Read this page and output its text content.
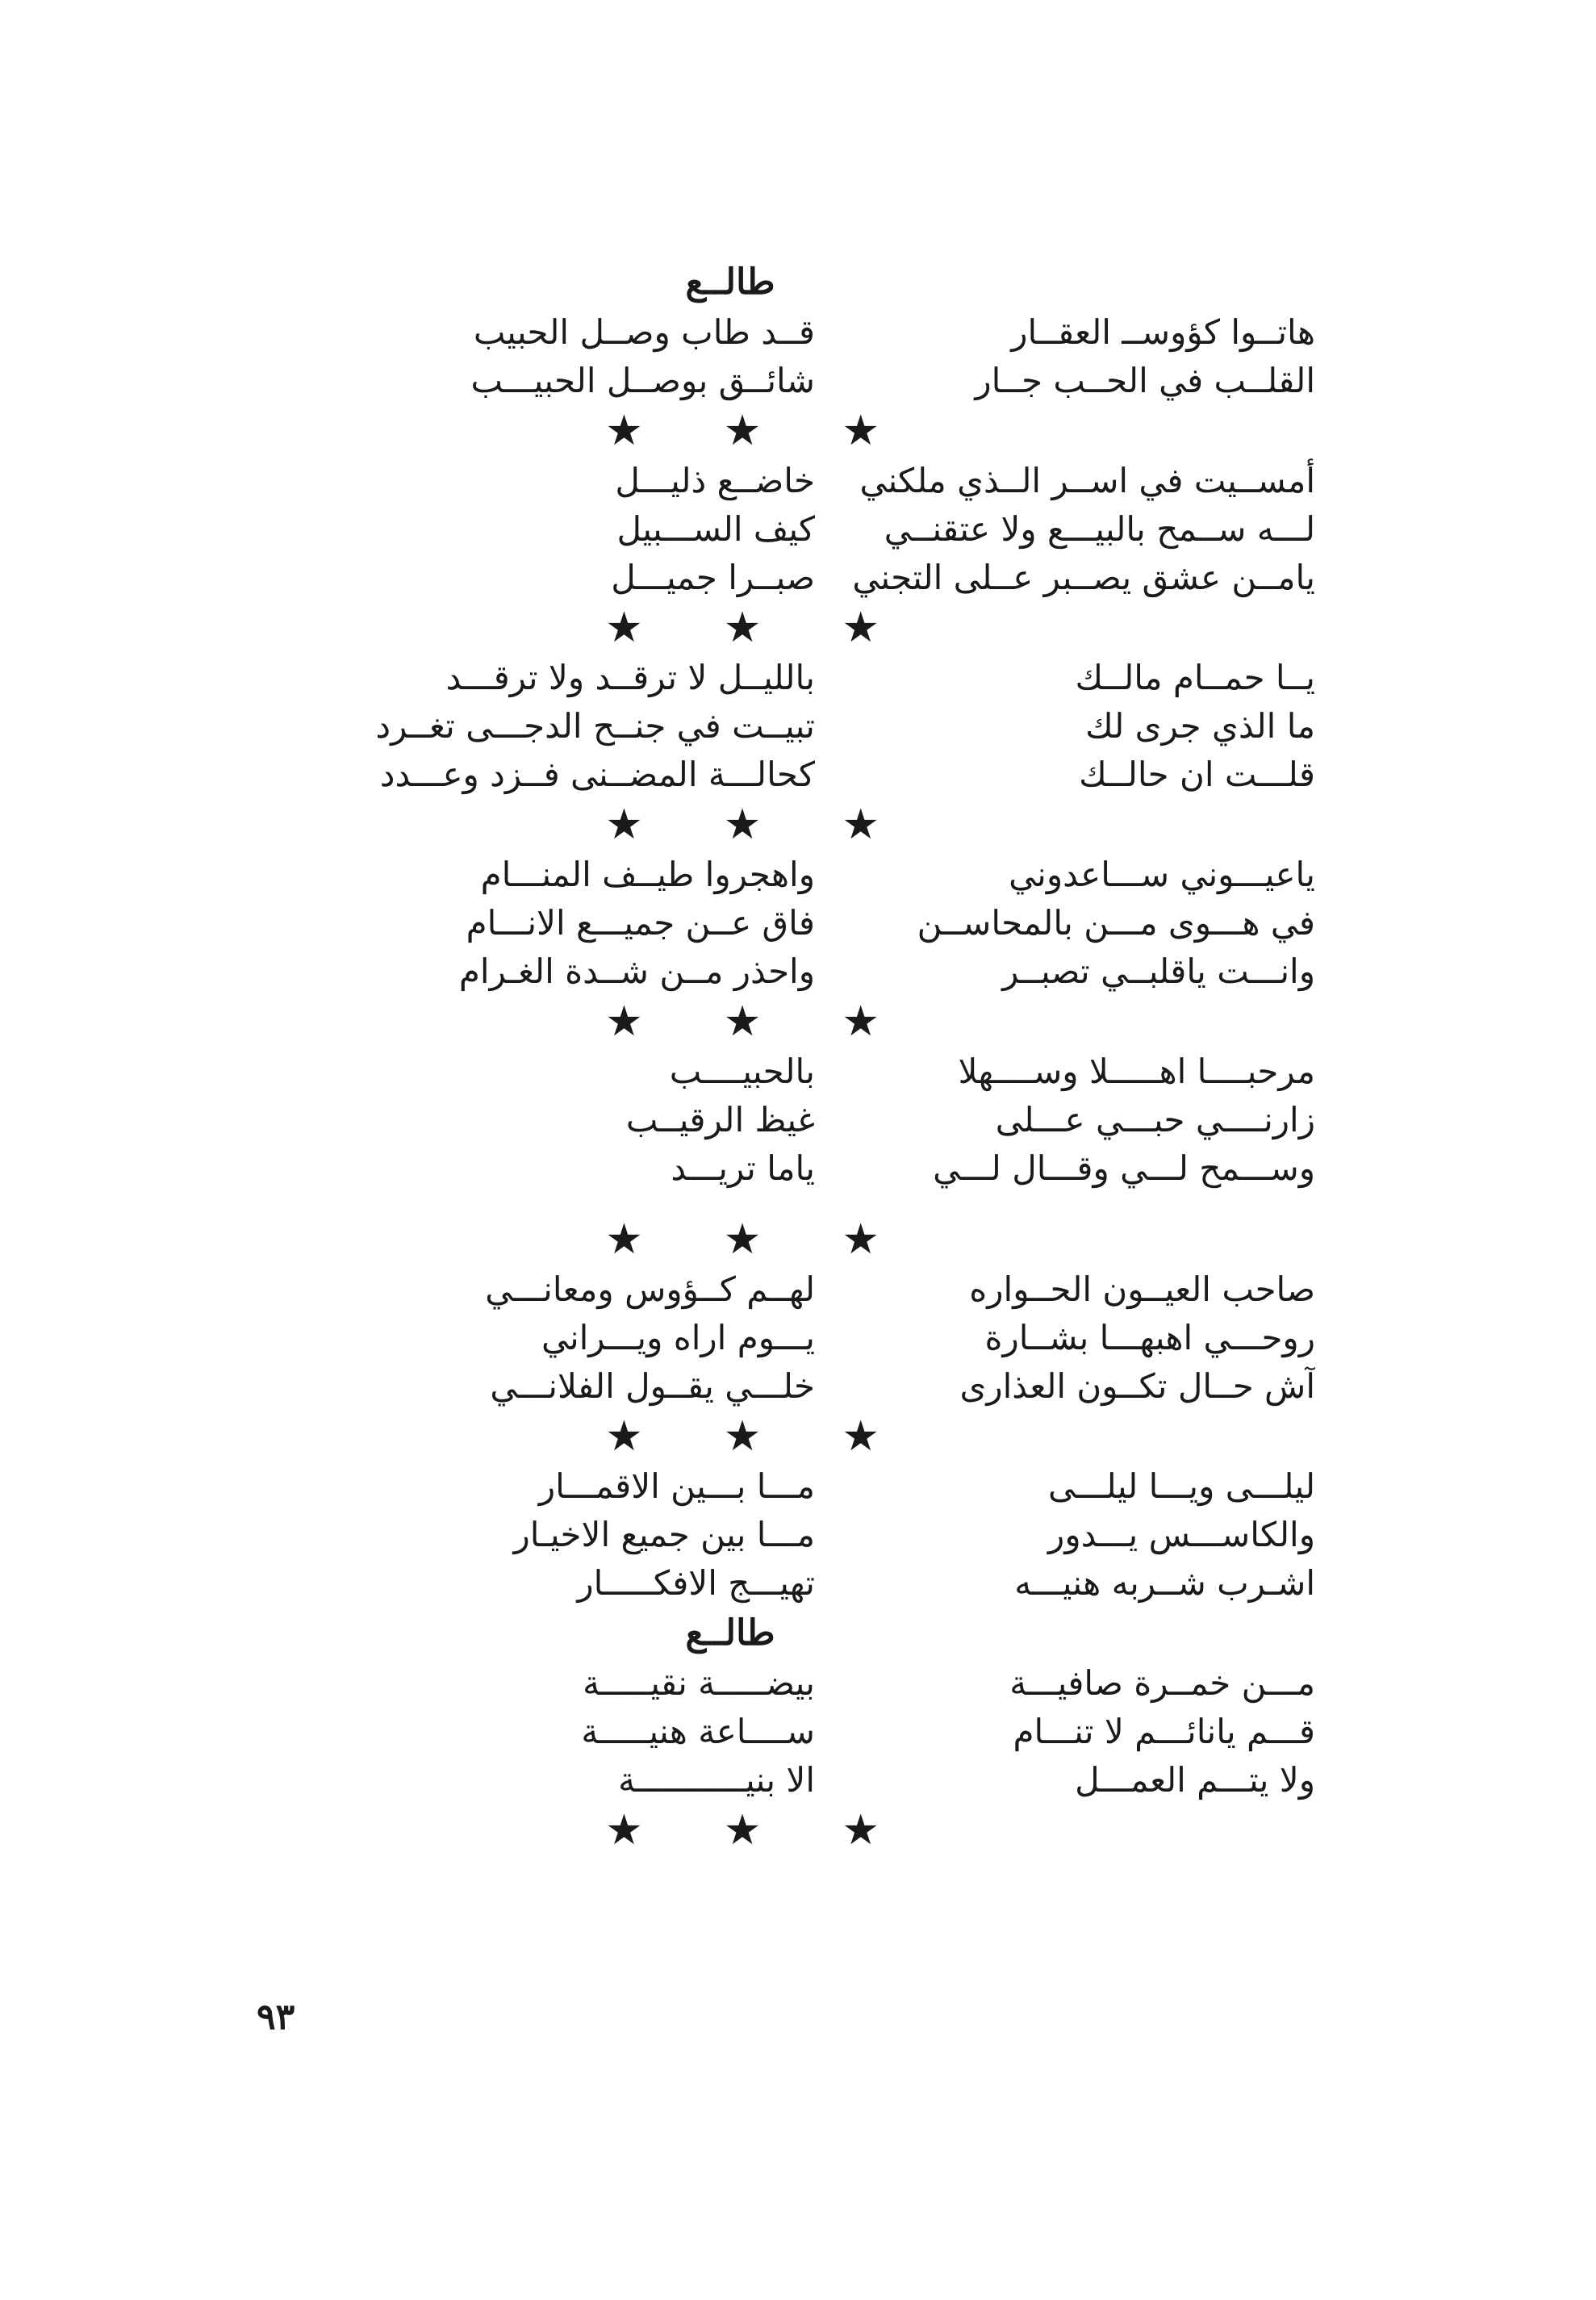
طالــع
هاتــوا كؤوســ العقــار
قــد طاب وصــل الحبيب
القلــب في الحــب جــار
شائــق بوصــل الحبيـــب
★
★
★
أمســيت في اســر الــذي ملكني
خاضــع ذليـــل
لـــه ســمح بالبيـــع ولا عتقنــي
كيف الســـبيل
يامــن عشق يصــبر عــلى التجني
صبــرا جميـــل
★
★
★
يــا حمــام مالــك
بالليــل لا ترقــد ولا ترقـــد
ما الذي جرى لك
تبيــت في جنــح الدجـــى تغــرد
قلـــت ان حالــك
كحالـــة المضــنى فــزد وعـــدد
★
★
★
ياعيـــوني ســـاعدوني
واهجروا طيــف المنـــام
في هـــوى مـــن بالمحاســن
فاق عــن جميـــع الانـــام
وانـــت ياقلبــي تصبــر
واحذر مــن شــدة الغـرام
★
★
★
مرحبــــا اهـــــلا وســــهلا
بالحبيــــب
زارنــــي حبـــي عـــلى
غيظ الرقيــب
وســـمح لـــي وقـــال لـــي
ياما تريـــد
★
★
★
صاحب العيــون الحــواره
لهــم كــؤوس ومعانـــي
روحـــي اهبهـــا بشــارة
يـــوم اراه ويـــراني
آش حــال تكــون العذارى
خلـــي يقــول الفلانـــي
★
★
★
ليلـــى ويـــا ليلـــى
مـــا بـــين الاقمـــار
والكاســـس يـــدور
مـــا بين جميع الاخيـار
اشـرب شــربه هنيـــه
تهيـــج الافكـــــار
طالــع
مـــن خمــرة صافيـــة
بيضـــــة نقيـــــة
قـــم يانائـــم لا تنـــام
ســــاعة هنيـــــة
ولا يتـــم العمـــل
الا بنيـــــــــــة
★
★
★
٩٣
